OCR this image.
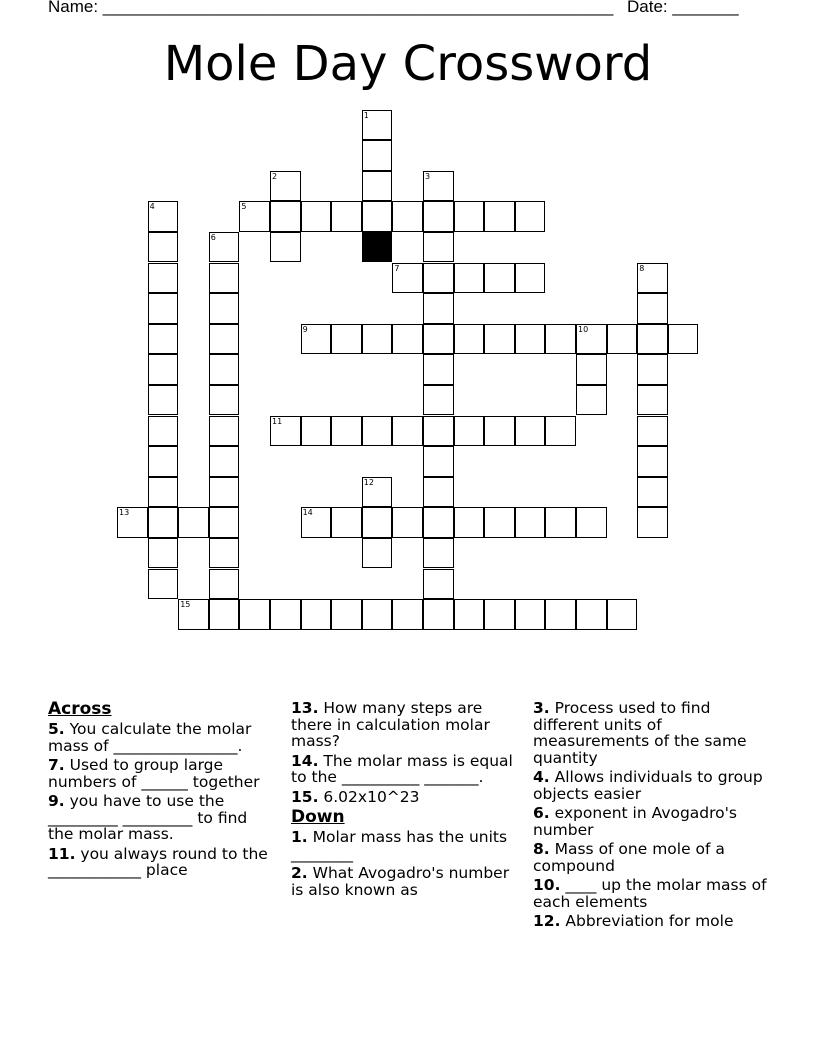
Name: ______________________________________________________ Date: _______
Mole Day Crossword
1
2	3
4	5
6
7	8
9	10
11
12
13	14
15
Across
5. You calculate the molar mass of ________________.
7. Used to group large numbers of ______ together
9. you have to use the _________ _________ to find the molar mass.
11. you always round to the ____________ place
13. How many steps are there in calculation molar mass?
14. The molar mass is equal to the __________ _______.
15. 6.02x10^23
Down
1. Molar mass has the units ________
2. What Avogadro's number is also known as
3. Process used to find different units of measurements of the same quantity
4. Allows individuals to group objects easier
6. exponent in Avogadro's number
8. Mass of one mole of a compound
10. ____ up the molar mass of each elements
12. Abbreviation for mole
